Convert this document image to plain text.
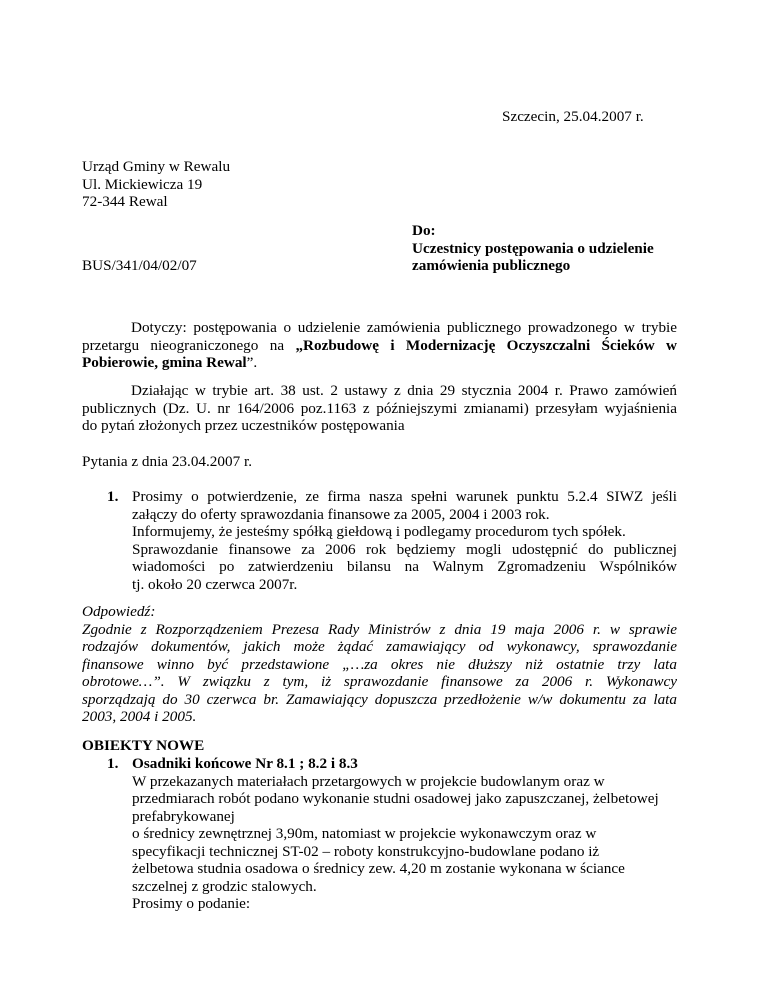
Szczecin, 25.04.2007 r.
Urząd Gminy w Rewalu
Ul. Mickiewicza 19
72-344 Rewal
BUS/341/04/02/07
Do:
Uczestnicy postępowania o udzielenie
zamówienia publicznego
Dotyczy: postępowania o udzielenie zamówienia publicznego prowadzonego w trybie
przetargu nieograniczonego na „Rozbudowę i Modernizację Oczyszczalni Ścieków w
Pobierowie, gmina Rewal”.
Działając w trybie art. 38 ust. 2 ustawy z dnia 29 stycznia 2004 r. Prawo zamówień
publicznych (Dz. U. nr 164/2006 poz.1163 z późniejszymi zmianami) przesyłam wyjaśnienia
do pytań złożonych przez uczestników postępowania
Pytania z dnia 23.04.2007 r.
1. Prosimy o potwierdzenie, ze firma nasza spełni warunek punktu 5.2.4 SIWZ jeśli
załączy do oferty sprawozdania finansowe za 2005, 2004 i 2003 rok.
Informujemy, że jesteśmy spółką giełdową i podlegamy procedurom tych spółek.
Sprawozdanie finansowe za 2006 rok będziemy mogli udostępnić do publicznej
wiadomości po zatwierdzeniu bilansu na Walnym Zgromadzeniu Wspólników
tj. około 20 czerwca 2007r.
Odpowiedź:
Zgodnie z Rozporządzeniem Prezesa Rady Ministrów z dnia 19 maja 2006 r. w sprawie
rodzajów dokumentów, jakich może żądać zamawiający od wykonawcy, sprawozdanie
finansowe winno być przedstawione „…za okres nie dłuższy niż ostatnie trzy lata
obrotowe…”. W związku z tym, iż sprawozdanie finansowe za 2006 r. Wykonawcy
sporządzają do 30 czerwca br. Zamawiający dopuszcza przedłożenie w/w dokumentu za lata
2003, 2004 i 2005.
OBIEKTY NOWE
1. Osadniki końcowe Nr 8.1 ; 8.2 i 8.3
W przekazanych materiałach przetargowych w projekcie budowlanym oraz w
przedmiarach robót podano wykonanie studni osadowej jako zapuszczanej, żelbetowej
prefabrykowanej
o średnicy zewnętrznej 3,90m, natomiast w projekcie wykonawczym oraz w
specyfikacji technicznej ST-02 – roboty konstrukcyjno-budowlane podano iż
żelbetowa studnia osadowa o średnicy zew. 4,20 m zostanie wykonana w ściance
szczelnej z grodzic stalowych.
Prosimy o podanie:
